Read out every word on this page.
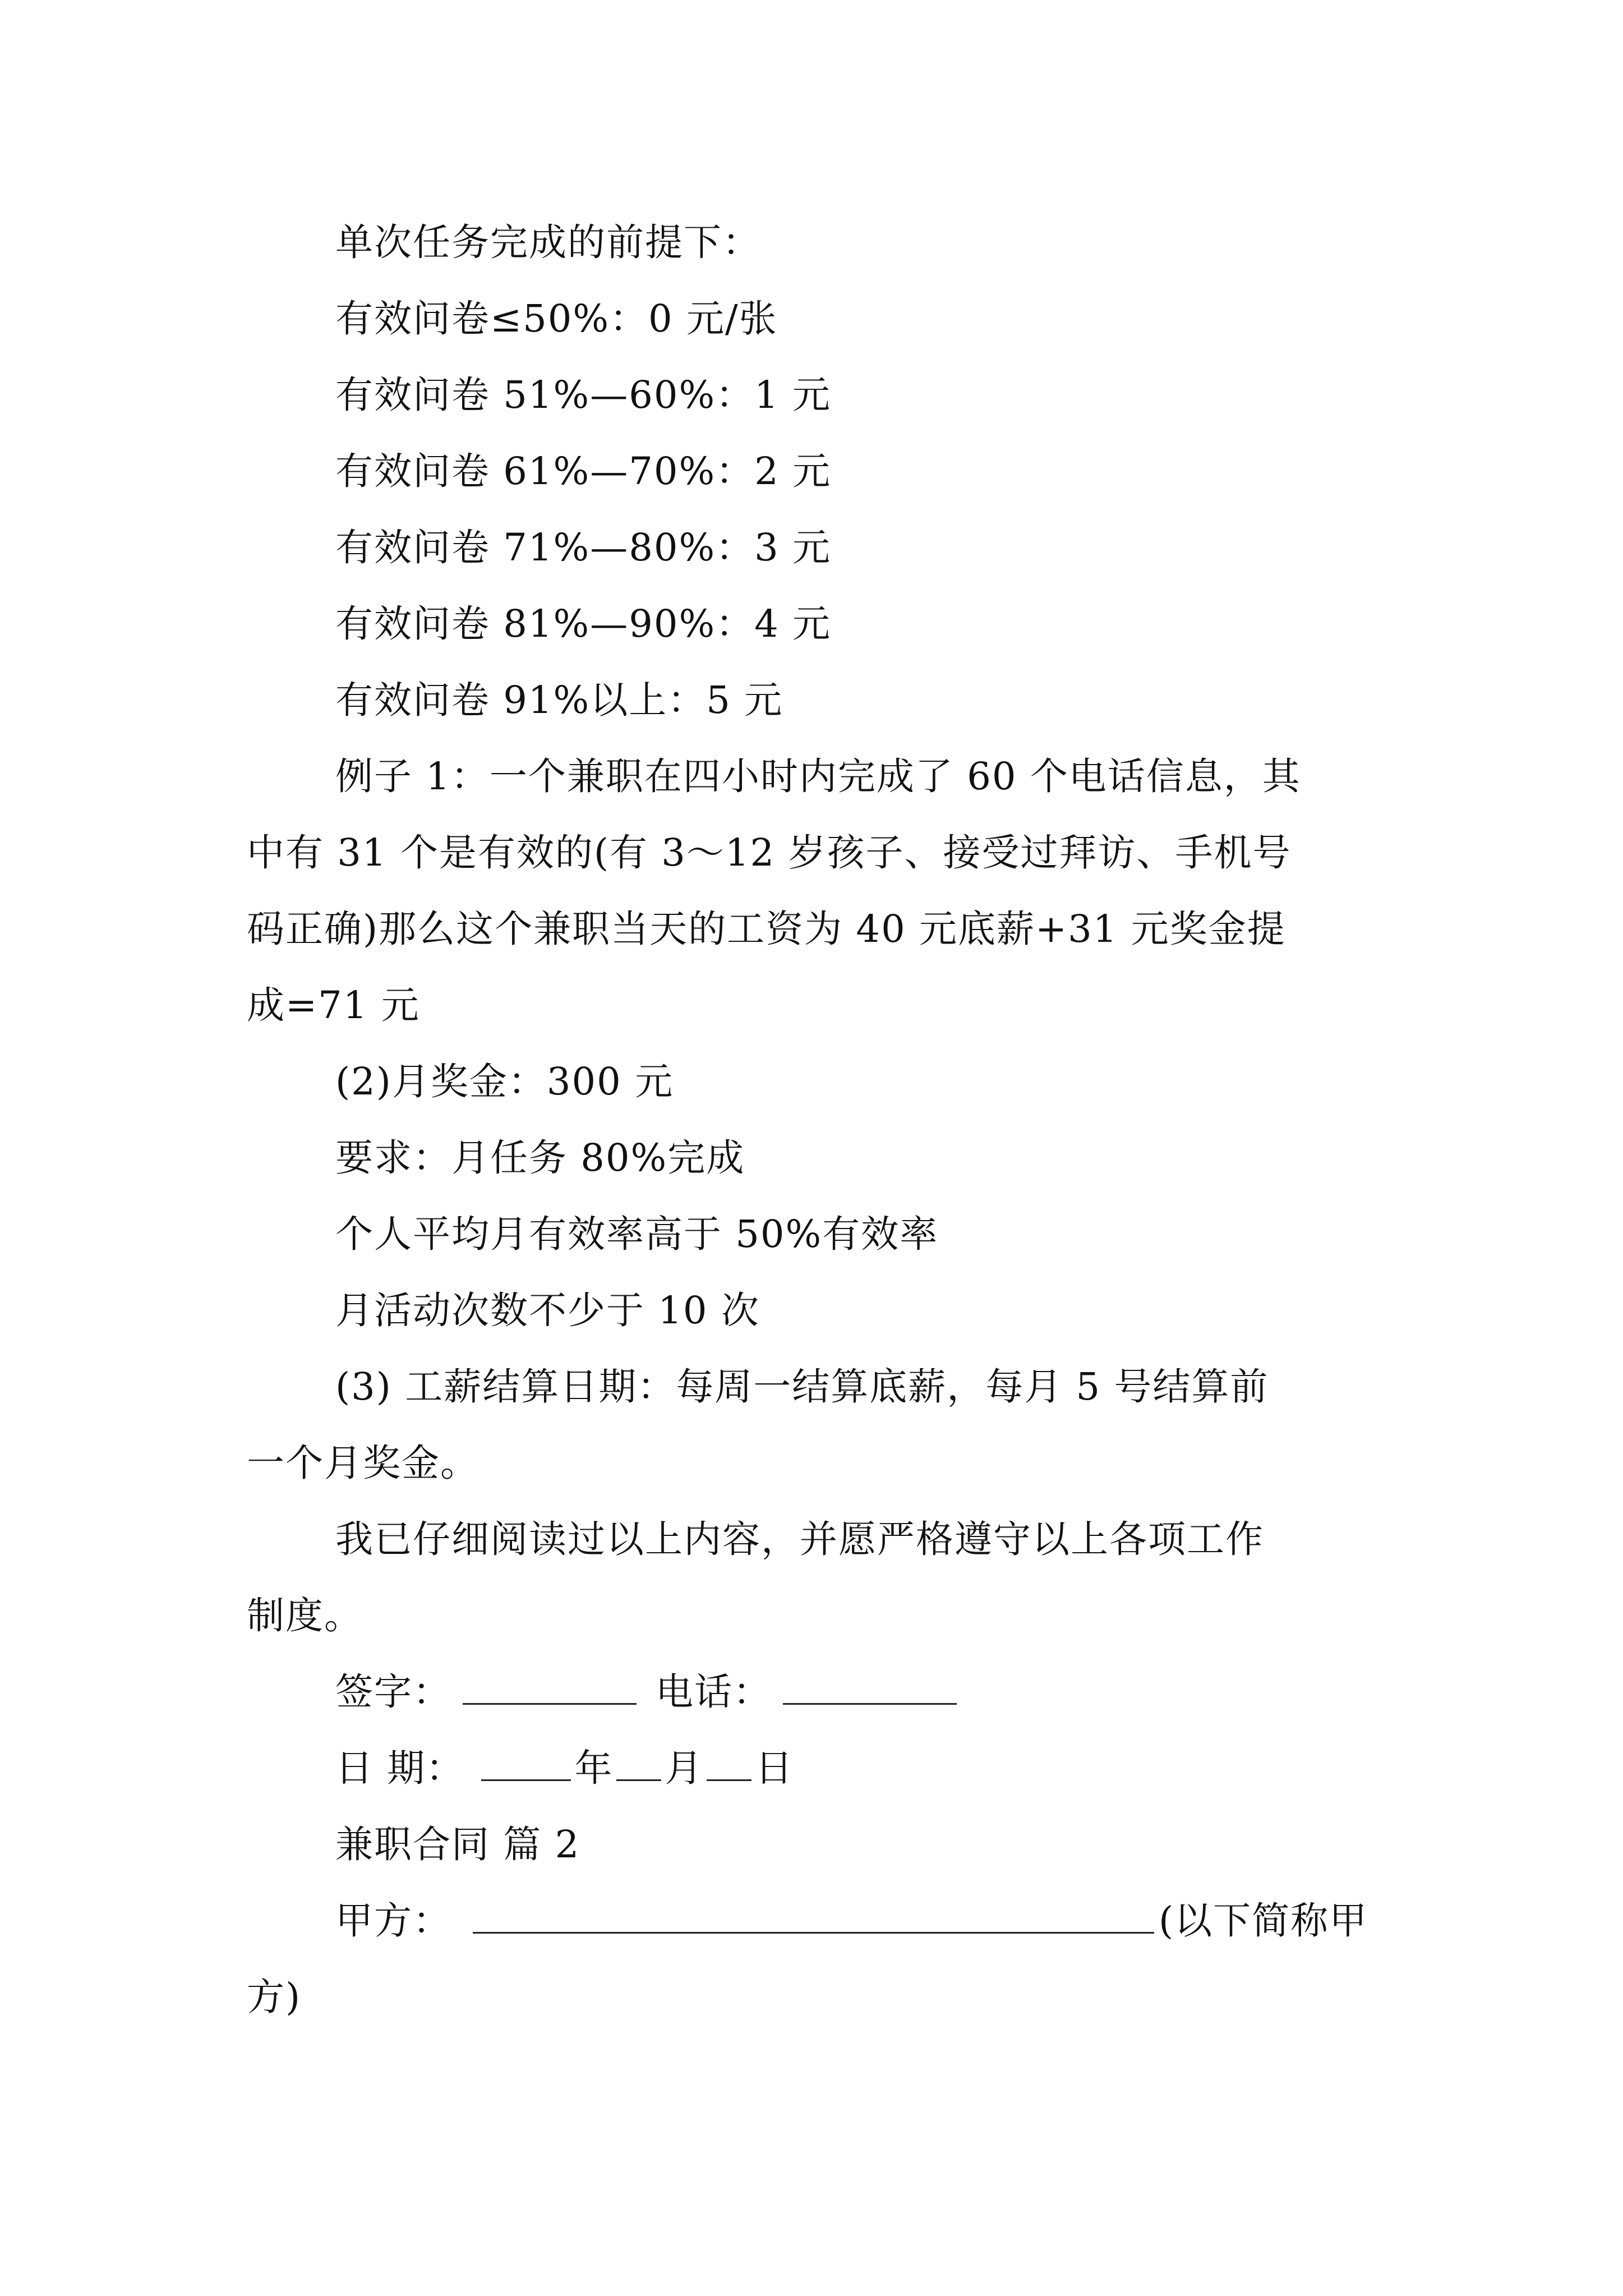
单次任务完成的前提下：
有效问卷≤50%：0 元/张
有效问卷 51%—60%：1 元
有效问卷 61%—70%：2 元
有效问卷 71%—80%：3 元
有效问卷 81%—90%：4 元
有效问卷 91%以上：5 元
例子 1：一个兼职在四小时内完成了 60 个电话信息，其
中有 31 个是有效的(有 3～12 岁孩子、接受过拜访、手机号
码正确)那么这个兼职当天的工资为 40 元底薪+31 元奖金提
成=71 元
(2)月奖金：300 元
要求：月任务 80%完成
个人平均月有效率高于 50%有效率
月活动次数不少于 10 次
(3) 工薪结算日期：每周一结算底薪，每月 5 号结算前
一个月奖金。
我已仔细阅读过以上内容，并愿严格遵守以上各项工作
制度。
签字：	电话：
日 期：	年 月 日
兼职合同 篇 2
甲方：	(以下简称甲
方)
